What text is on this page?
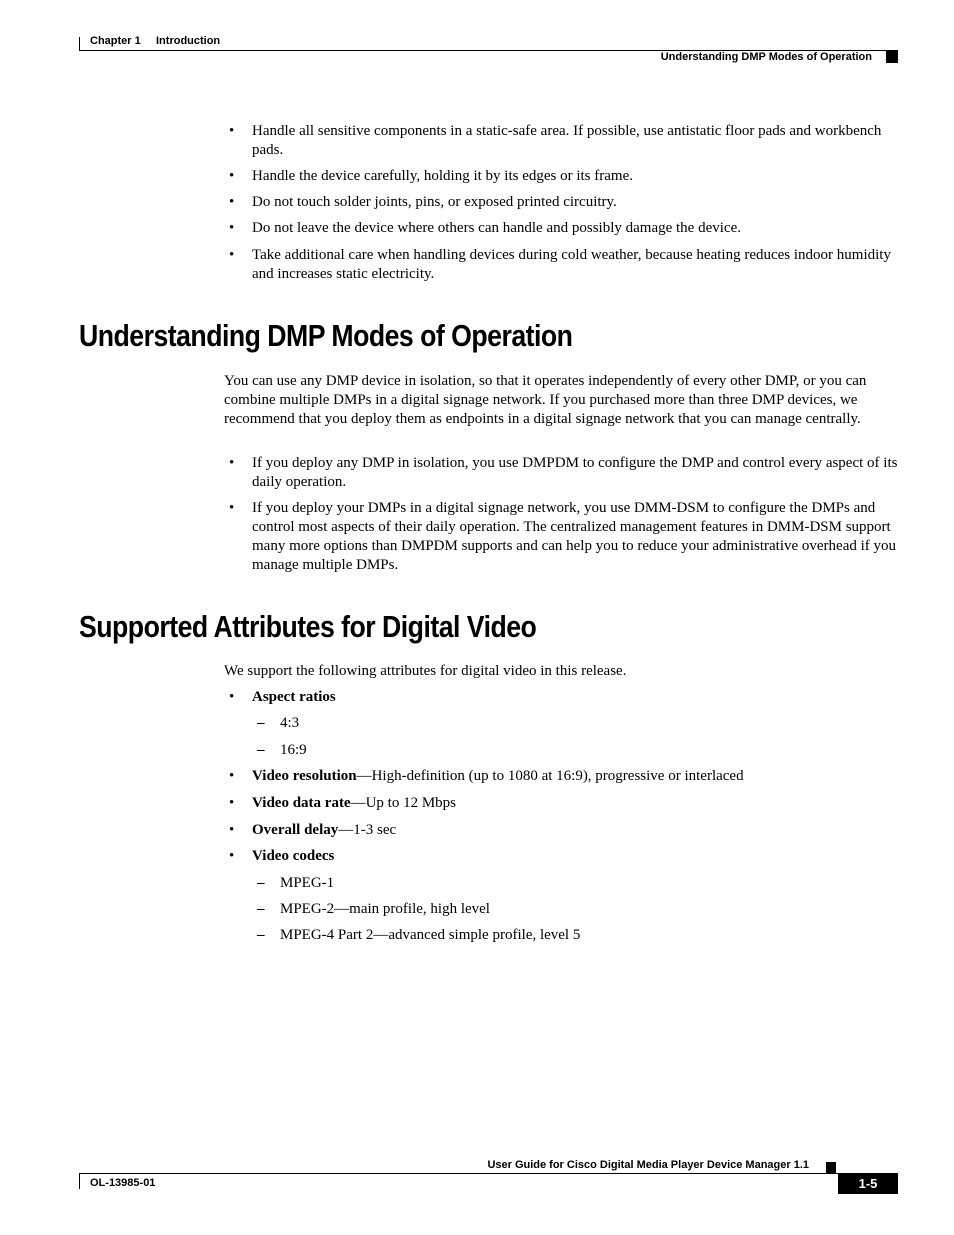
Chapter 1 Introduction
Understanding DMP Modes of Operation
• Handle all sensitive components in a static-safe area. If possible, use antistatic floor pads and workbench pads.
• Handle the device carefully, holding it by its edges or its frame.
• Do not touch solder joints, pins, or exposed printed circuitry.
• Do not leave the device where others can handle and possibly damage the device.
• Take additional care when handling devices during cold weather, because heating reduces indoor humidity and increases static electricity.
Understanding DMP Modes of Operation

You can use any DMP device in isolation, so that it operates independently of every other DMP, or you can combine multiple DMPs in a digital signage network. If you purchased more than three DMP devices, we recommend that you deploy them as endpoints in a digital signage network that you can manage centrally.

• If you deploy any DMP in isolation, you use DMPDM to configure the DMP and control every aspect of its daily operation.
• If you deploy your DMPs in a digital signage network, you use DMM-DSM to configure the DMPs and control most aspects of their daily operation. The centralized management features in DMM-DSM support many more options than DMPDM supports and can help you to reduce your administrative overhead if you manage multiple DMPs.
Supported Attributes for Digital Video

We support the following attributes for digital video in this release.

• Aspect ratios
– 4:3
– 16:9
• Video resolution—High-definition (up to 1080 at 16:9), progressive or interlaced
• Video data rate—Up to 12 Mbps
• Overall delay—1-3 sec
• Video codecs
– MPEG-1
– MPEG-2—main profile, high level
– MPEG-4 Part 2—advanced simple profile, level 5
User Guide for Cisco Digital Media Player Device Manager 1.1
OL-13985-01	1-5
